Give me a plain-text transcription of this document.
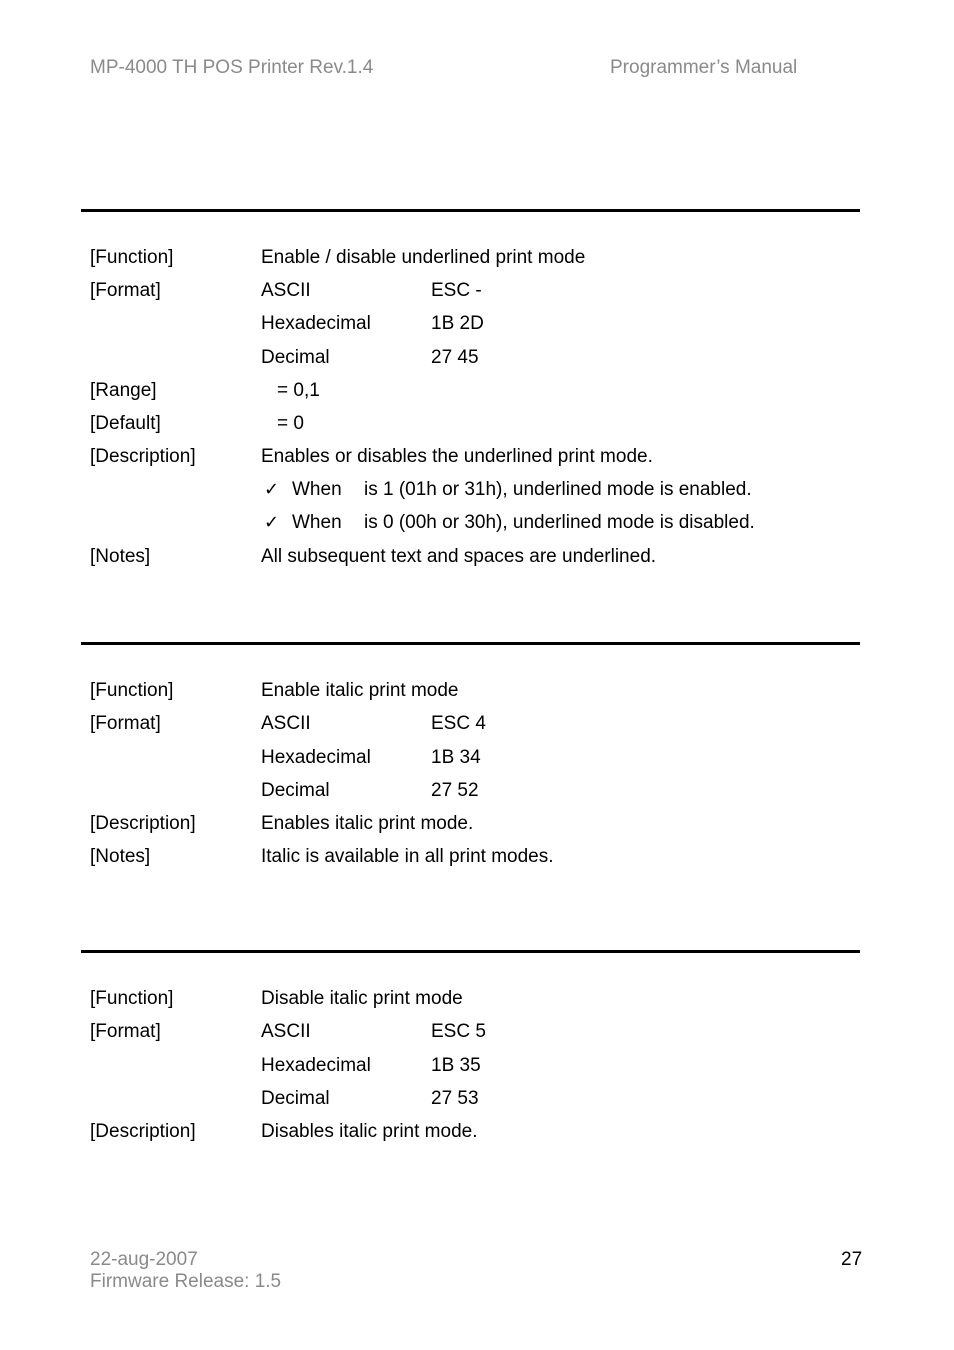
MP-4000 TH POS Printer Rev.1.4	Programmer’s Manual
[Function]	Enable / disable underlined print mode
[Format]	ASCII	ESC -
Hexadecimal	1B 2D
Decimal	27 45
[Range]	= 0,1
[Default]	= 0
[Description]	Enables or disables the underlined print mode.
✓ When is 1 (01h or 31h), underlined mode is enabled.
✓ When is 0 (00h or 30h), underlined mode is disabled.
[Notes]	All subsequent text and spaces are underlined.
[Function]	Enable italic print mode
[Format]	ASCII	ESC 4
Hexadecimal	1B 34
Decimal	27 52
[Description]	Enables italic print mode.
[Notes]	Italic is available in all print modes.
[Function]	Disable italic print mode
[Format]	ASCII	ESC 5
Hexadecimal	1B 35
Decimal	27 53
[Description]	Disables italic print mode.
22-aug-2007
Firmware Release: 1.5
27
